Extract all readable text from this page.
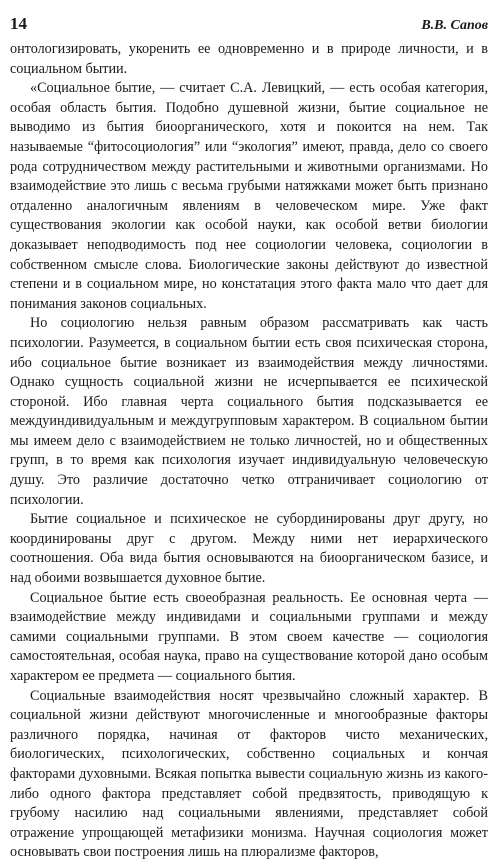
14	В.В. Сапов

онтологизировать, укоренить ее одновременно и в природе личности, и в социальном бытии.

«Социальное бытие, — считает С.А. Левицкий, — есть особая категория, особая область бытия. Подобно душевной жизни, бытие социальное не выводимо из бытия биоорганического, хотя и покоится на нем. Так называемые “фитосоциология” или “экология” имеют, правда, дело со своего рода сотрудничеством между растительными и животными организмами. Но взаимодействие это лишь с весьма грубыми натяжками может быть признано отдаленно аналогичным явлениям в человеческом мире. Уже факт существования экологии как особой науки, как особой ветви биологии доказывает неподводимость под нее социологии человека, социологии в собственном смысле слова. Биологические законы действуют до известной степени и в социальном мире, но констатация этого факта мало что дает для понимания законов социальных.

Но социологию нельзя равным образом рассматривать как часть психологии. Разумеется, в социальном бытии есть своя психическая сторона, ибо социальное бытие возникает из взаимодействия между личностями. Однако сущность социальной жизни не исчерпывается ее психической стороной. Ибо главная черта социального бытия подсказывается ее междуиндивидуальным и междугрупповым характером. В социальном бытии мы имеем дело с взаимодействием не только личностей, но и общественных групп, в то время как психология изучает индивидуальную человеческую душу. Это различие достаточно четко отграничивает социологию от психологии.

Бытие социальное и психическое не субординированы друг другу, но координированы друг с другом. Между ними нет иерархического соотношения. Оба вида бытия основываются на биоорганическом базисе, и над обоими возвышается духовное бытие.

Социальное бытие есть своеобразная реальность. Ее основная черта — взаимодействие между индивидами и социальными группами и между самими социальными группами. В этом своем качестве — социология самостоятельная, особая наука, право на существование которой дано особым характером ее предмета — социального бытия.

Социальные взаимодействия носят чрезвычайно сложный характер. В социальной жизни действуют многочисленные и многообразные факторы различного порядка, начиная от факторов чисто механических, биологических, психологических, собственно социальных и кончая факторами духовными. Всякая попытка вывести социальную жизнь из какого-либо одного фактора представляет собой предвзятость, приводящую к грубому насилию над социальными явлениями, представляет собой отражение упрощающей метафизики монизма. Научная социология может основывать свои построения лишь на плюрализме факторов,
